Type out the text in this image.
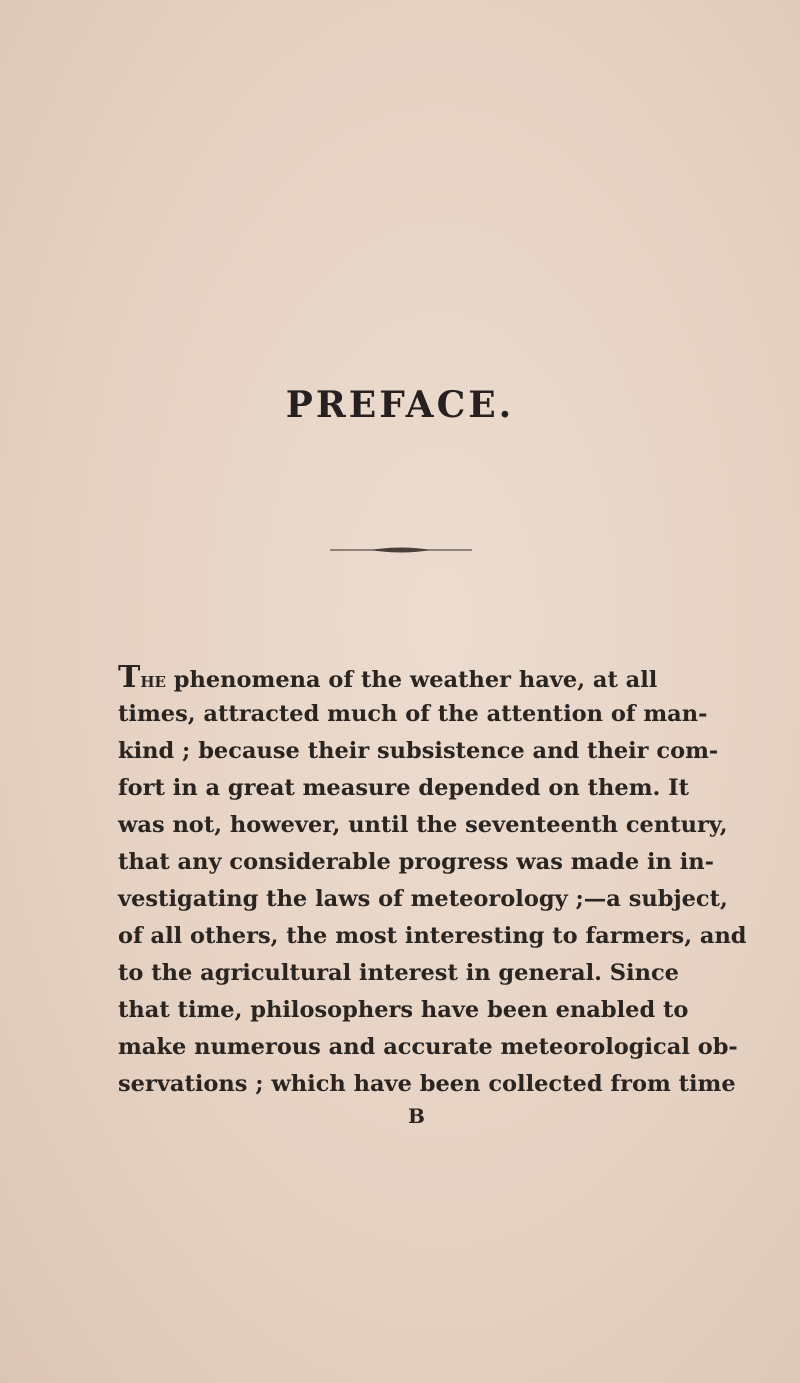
PREFACE.
The phenomena of the weather have, at all
times, attracted much of the attention of man-
kind ; because their subsistence and their com-
fort in a great measure depended on them. It
was not, however, until the seventeenth century,
that any considerable progress was made in in-
vestigating the laws of meteorology ;—a subject,
of all others, the most interesting to farmers, and
to the agricultural interest in general. Since
that time, philosophers have been enabled to
make numerous and accurate meteorological ob-
servations ; which have been collected from time
B
